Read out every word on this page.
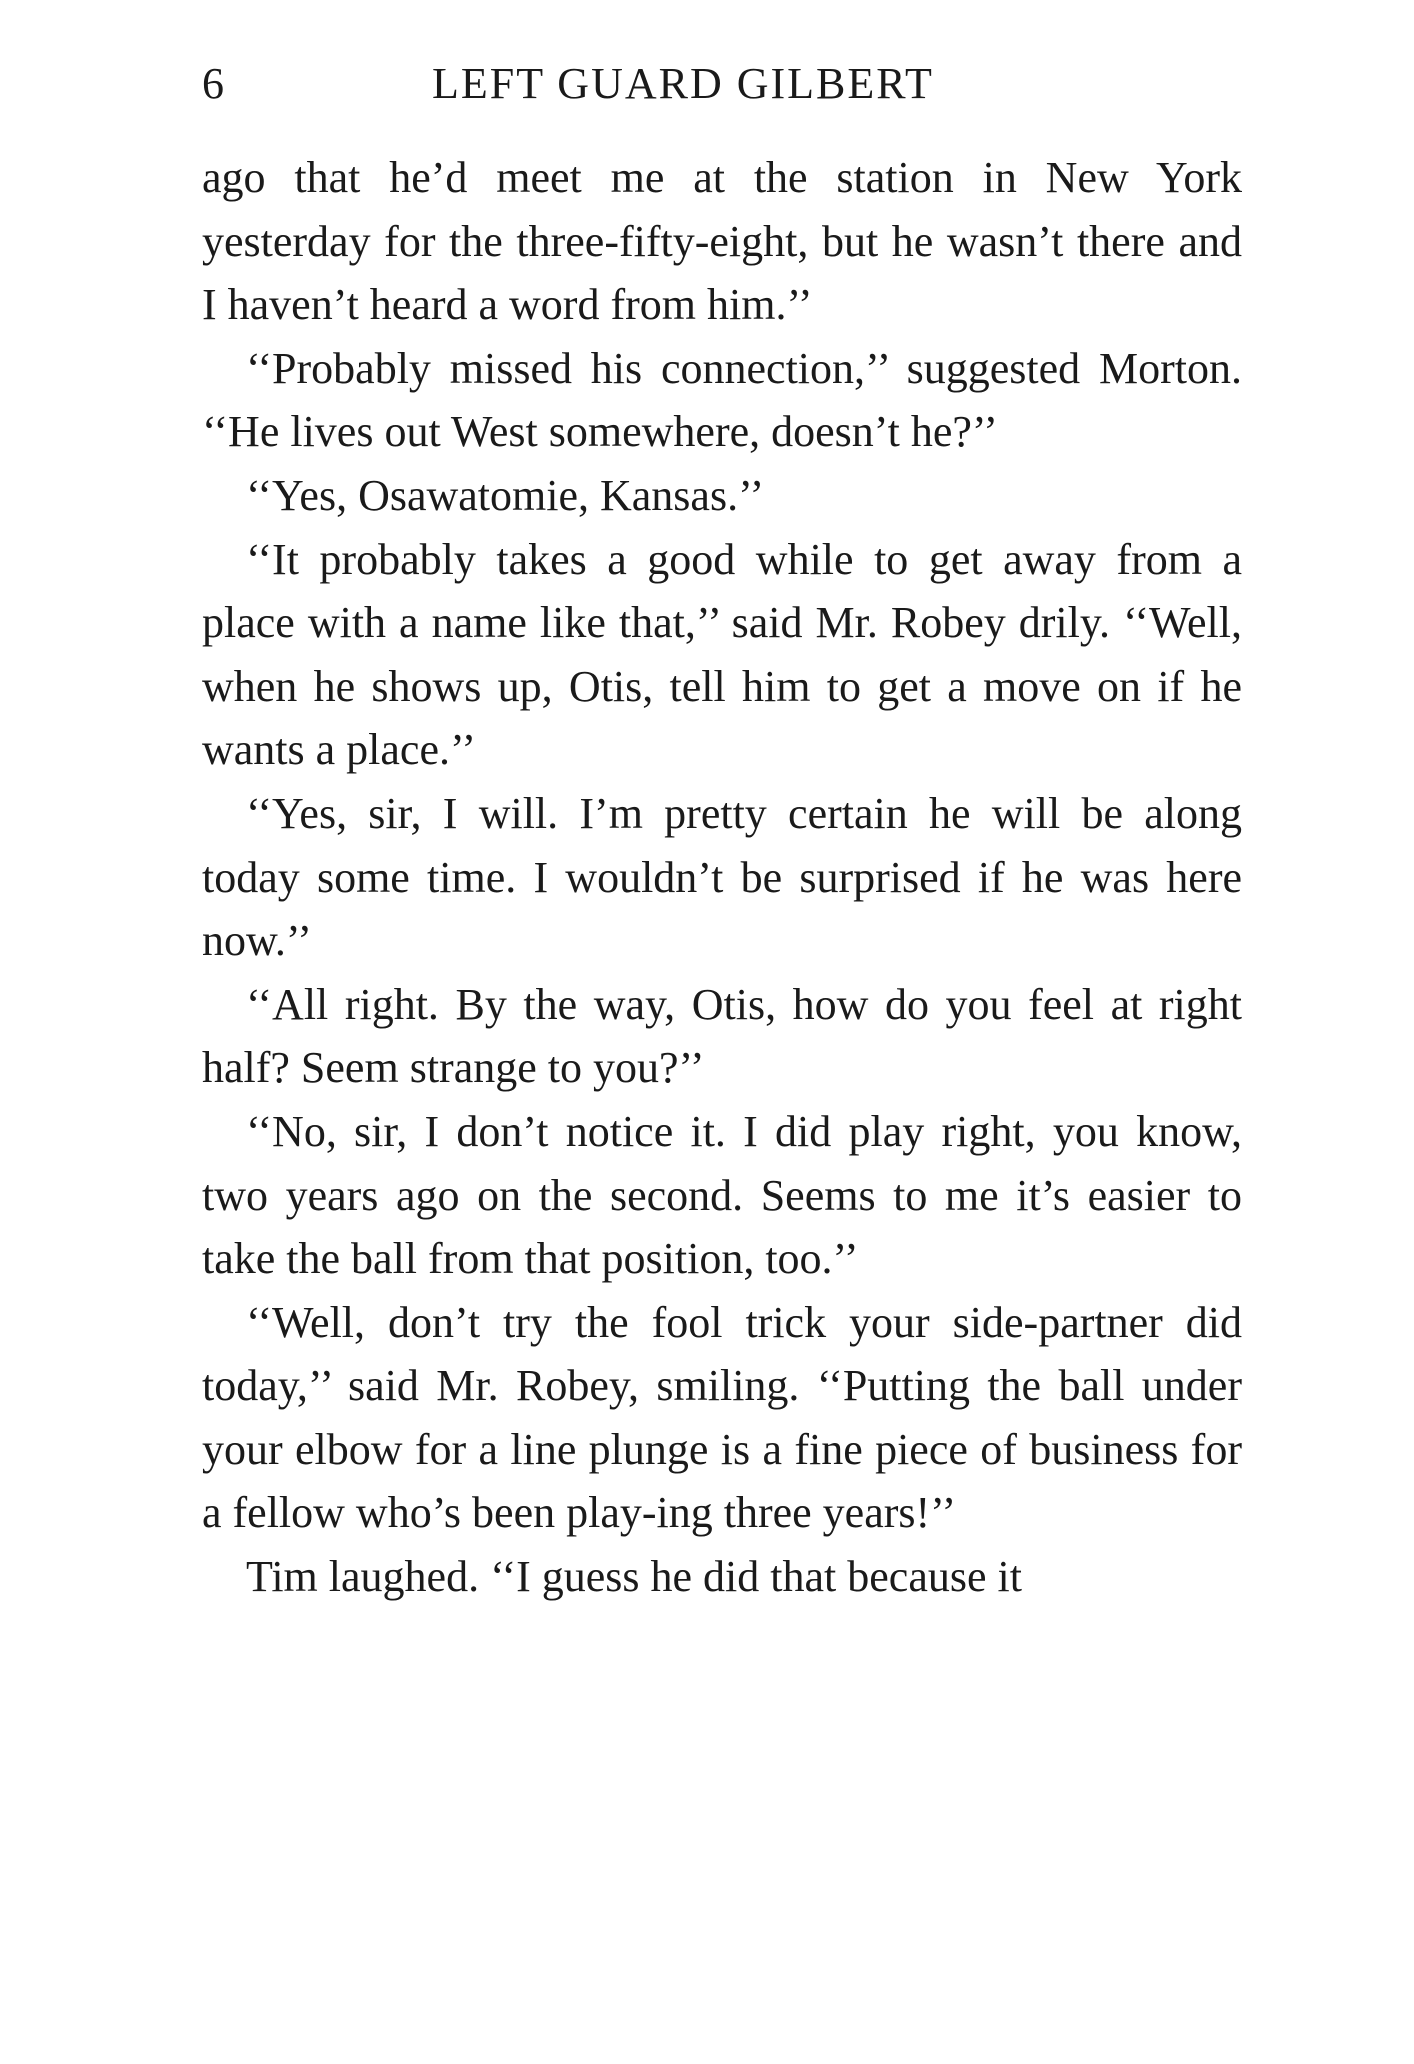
6	LEFT GUARD GILBERT

ago that he’d meet me at the station in New York yesterday for the three-fifty-eight, but he wasn’t there and I haven’t heard a word from him.’’

‘‘Probably missed his connection,’’ suggested Morton. ‘‘He lives out West somewhere, doesn’t he?’’

‘‘Yes, Osawatomie, Kansas.’’

‘‘It probably takes a good while to get away from a place with a name like that,’’ said Mr. Robey drily. ‘‘Well, when he shows up, Otis, tell him to get a move on if he wants a place.’’

‘‘Yes, sir, I will. I’m pretty certain he will be along today some time. I wouldn’t be surprised if he was here now.’’

‘‘All right. By the way, Otis, how do you feel at right half? Seem strange to you?’’

‘‘No, sir, I don’t notice it. I did play right, you know, two years ago on the second. Seems to me it’s easier to take the ball from that position, too.’’

‘‘Well, don’t try the fool trick your side-partner did today,’’ said Mr. Robey, smiling. ‘‘Putting the ball under your elbow for a line plunge is a fine piece of business for a fellow who’s been play-ing three years!’’

Tim laughed. ‘‘I guess he did that because it
